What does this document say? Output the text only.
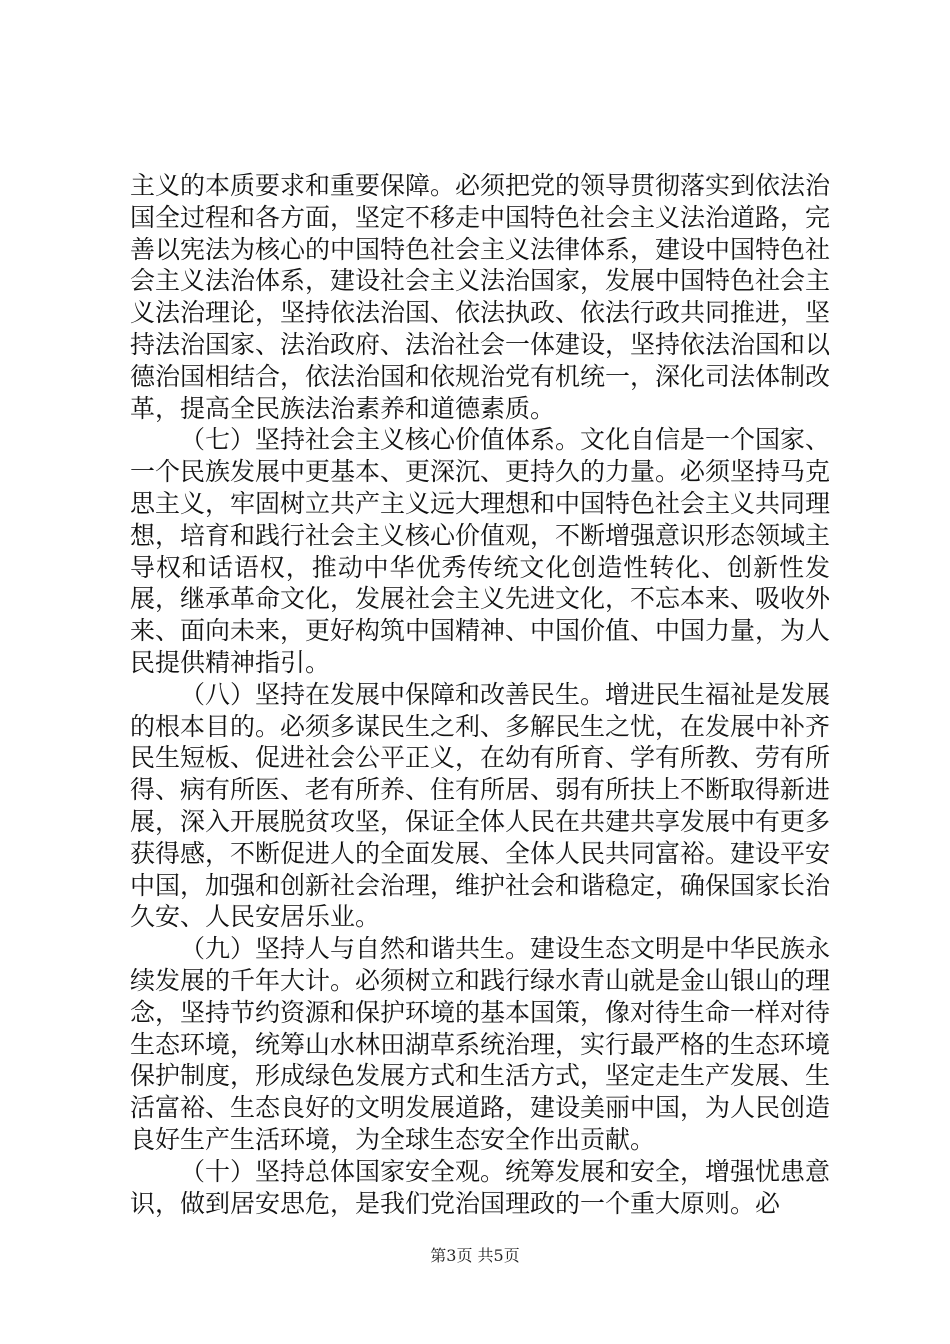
主义的本质要求和重要保障。必须把党的领导贯彻落实到依法治国全过程和各方面，坚定不移走中国特色社会主义法治道路，完善以宪法为核心的中国特色社会主义法律体系，建设中国特色社会主义法治体系，建设社会主义法治国家，发展中国特色社会主义法治理论，坚持依法治国、依法执政、依法行政共同推进，坚持法治国家、法治政府、法治社会一体建设，坚持依法治国和以德治国相结合，依法治国和依规治党有机统一，深化司法体制改革，提高全民族法治素养和道德素质。

（七）坚持社会主义核心价值体系。文化自信是一个国家、一个民族发展中更基本、更深沉、更持久的力量。必须坚持马克思主义，牢固树立共产主义远大理想和中国特色社会主义共同理想，培育和践行社会主义核心价值观，不断增强意识形态领域主导权和话语权，推动中华优秀传统文化创造性转化、创新性发展，继承革命文化，发展社会主义先进文化，不忘本来、吸收外来、面向未来，更好构筑中国精神、中国价值、中国力量，为人民提供精神指引。

（八）坚持在发展中保障和改善民生。增进民生福祉是发展的根本目的。必须多谋民生之利、多解民生之忧，在发展中补齐民生短板、促进社会公平正义，在幼有所育、学有所教、劳有所得、病有所医、老有所养、住有所居、弱有所扶上不断取得新进展，深入开展脱贫攻坚，保证全体人民在共建共享发展中有更多获得感，不断促进人的全面发展、全体人民共同富裕。建设平安中国，加强和创新社会治理，维护社会和谐稳定，确保国家长治久安、人民安居乐业。

（九）坚持人与自然和谐共生。建设生态文明是中华民族永续发展的千年大计。必须树立和践行绿水青山就是金山银山的理念，坚持节约资源和保护环境的基本国策，像对待生命一样对待生态环境，统筹山水林田湖草系统治理，实行最严格的生态环境保护制度，形成绿色发展方式和生活方式，坚定走生产发展、生活富裕、生态良好的文明发展道路，建设美丽中国，为人民创造良好生产生活环境，为全球生态安全作出贡献。

（十）坚持总体国家安全观。统筹发展和安全，增强忧患意识，做到居安思危，是我们党治国理政的一个重大原则。必

第3页 共5页
